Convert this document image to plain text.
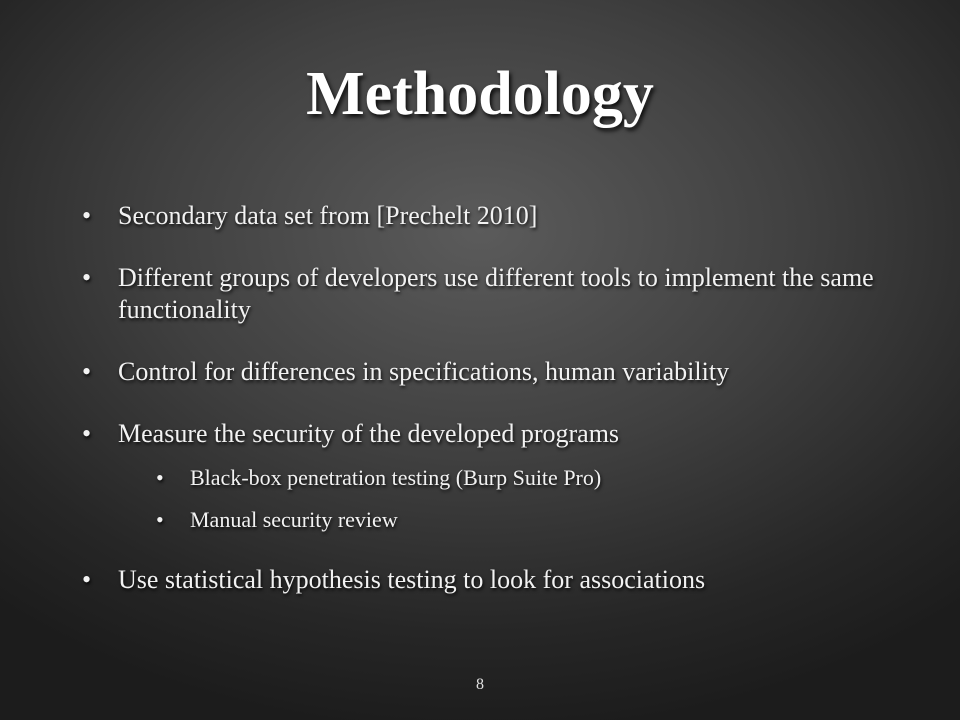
Methodology
• Secondary data set from [Prechelt 2010]
• Different groups of developers use different tools to implement the same functionality
• Control for differences in specifications, human variability
• Measure the security of the developed programs
• Black-box penetration testing (Burp Suite Pro)
• Manual security review
• Use statistical hypothesis testing to look for associations
8
